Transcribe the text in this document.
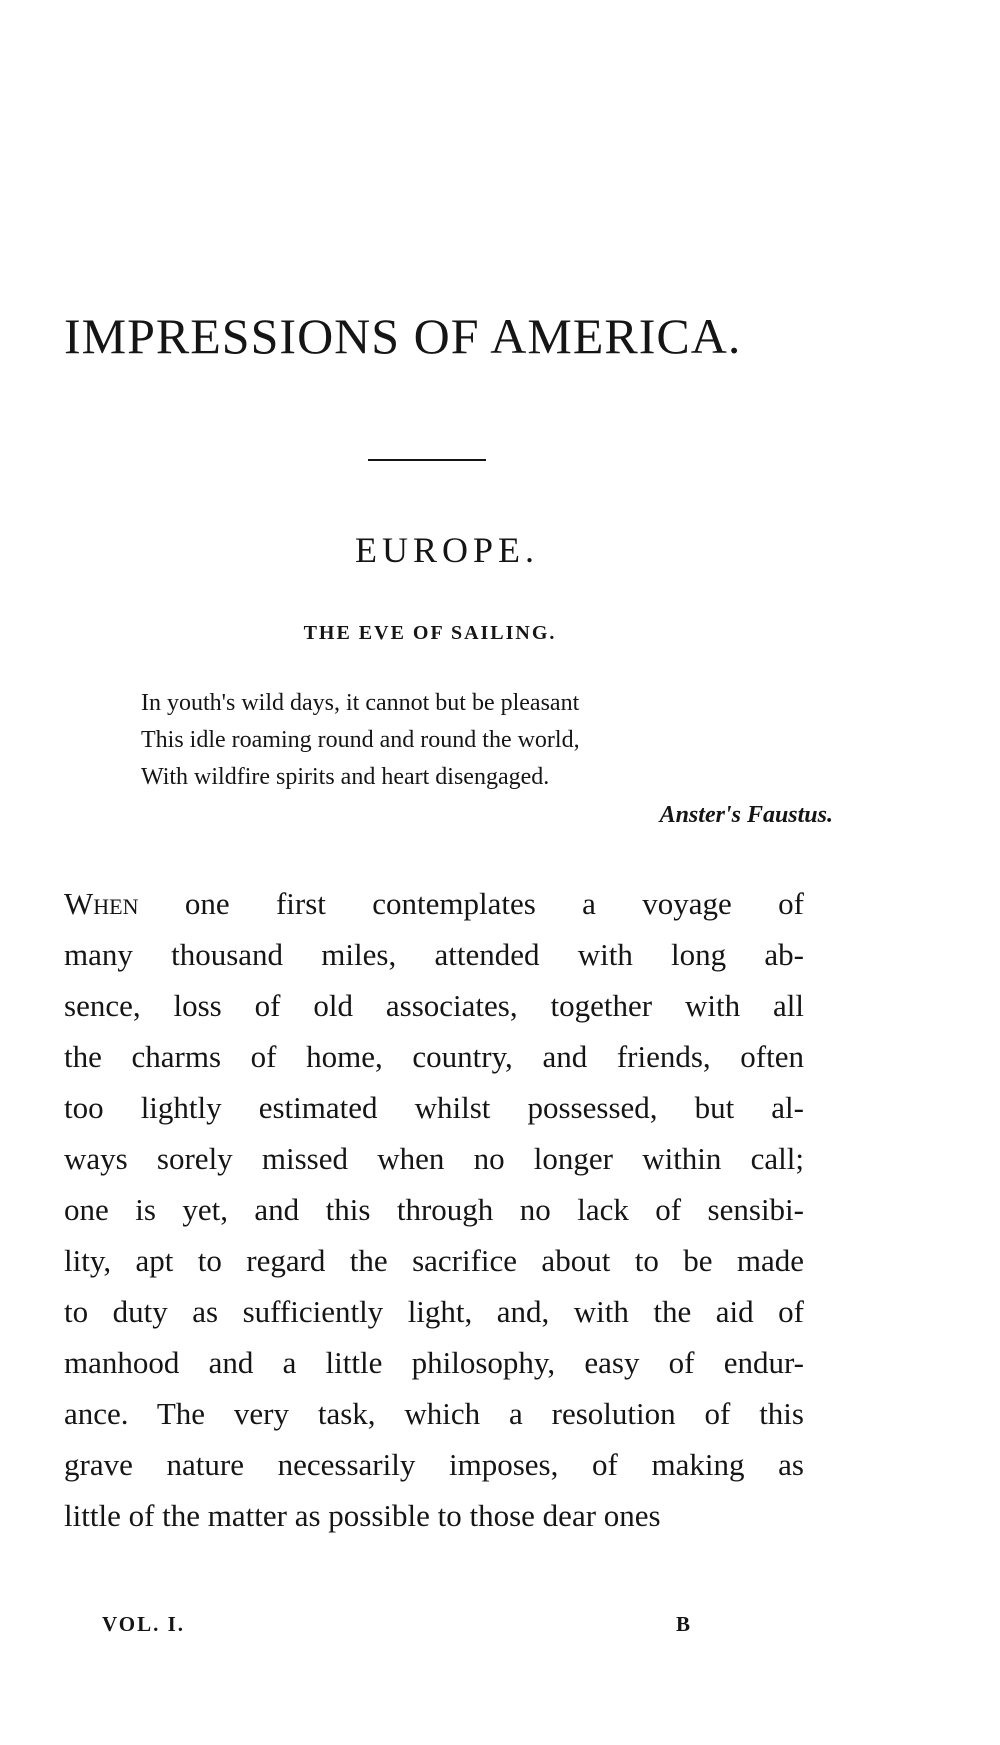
IMPRESSIONS OF AMERICA.
EUROPE.
THE EVE OF SAILING.
In youth's wild days, it cannot but be pleasant
This idle roaming round and round the world,
With wildfire spirits and heart disengaged.
Anster's Faustus.
When one first contemplates a voyage of
many thousand miles, attended with long ab-
sence, loss of old associates, together with all
the charms of home, country, and friends, often
too lightly estimated whilst possessed, but al-
ways sorely missed when no longer within call;
one is yet, and this through no lack of sensibi-
lity, apt to regard the sacrifice about to be made
to duty as sufficiently light, and, with the aid of
manhood and a little philosophy, easy of endur-
ance. The very task, which a resolution of this
grave nature necessarily imposes, of making as
little of the matter as possible to those dear ones
VOL. I.	B
